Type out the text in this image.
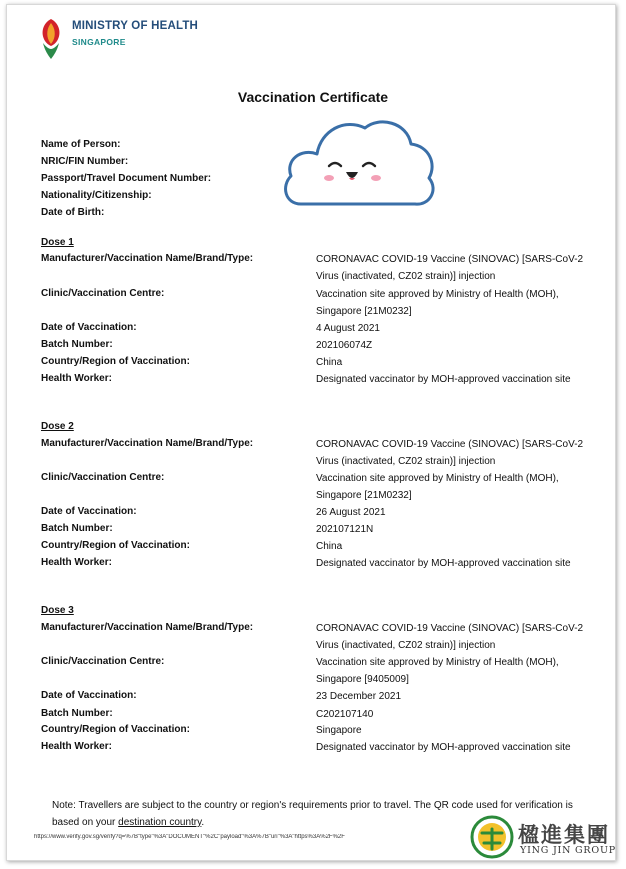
MINISTRY OF HEALTH
SINGAPORE
Vaccination Certificate
Name of Person:
NRIC/FIN Number:
Passport/Travel Document Number:
Nationality/Citizenship:
Date of Birth:
Dose 1
Manufacturer/Vaccination Name/Brand/Type:	CORONAVAC COVID-19 Vaccine (SINOVAC) [SARS-CoV-2 Virus (inactivated, CZ02 strain)] injection
Clinic/Vaccination Centre:	Vaccination site approved by Ministry of Health (MOH), Singapore [21M0232]
Date of Vaccination:	4 August 2021
Batch Number:	202106074Z
Country/Region of Vaccination:	China
Health Worker:	Designated vaccinator by MOH-approved vaccination site
Dose 2
Manufacturer/Vaccination Name/Brand/Type:	CORONAVAC COVID-19 Vaccine (SINOVAC) [SARS-CoV-2 Virus (inactivated, CZ02 strain)] injection
Clinic/Vaccination Centre:	Vaccination site approved by Ministry of Health (MOH), Singapore [21M0232]
Date of Vaccination:	26 August 2021
Batch Number:	202107121N
Country/Region of Vaccination:	China
Health Worker:	Designated vaccinator by MOH-approved vaccination site
Dose 3
Manufacturer/Vaccination Name/Brand/Type:	CORONAVAC COVID-19 Vaccine (SINOVAC) [SARS-CoV-2 Virus (inactivated, CZ02 strain)] injection
Clinic/Vaccination Centre:	Vaccination site approved by Ministry of Health (MOH), Singapore [9405009]
Date of Vaccination:	23 December 2021
Batch Number:	C202107140
Country/Region of Vaccination:	Singapore
Health Worker:	Designated vaccinator by MOH-approved vaccination site
Note: Travellers are subject to the country or region's requirements prior to travel. The QR code used for verification is based on your destination country.
https://www.verify.gov.sg/verify?q=%7B"type"%3A"DOCUMENT"%2C"payload"%3A%7B"uri"%3A"https%3A%2F%2F	楹進集團
YING JIN GROUP
